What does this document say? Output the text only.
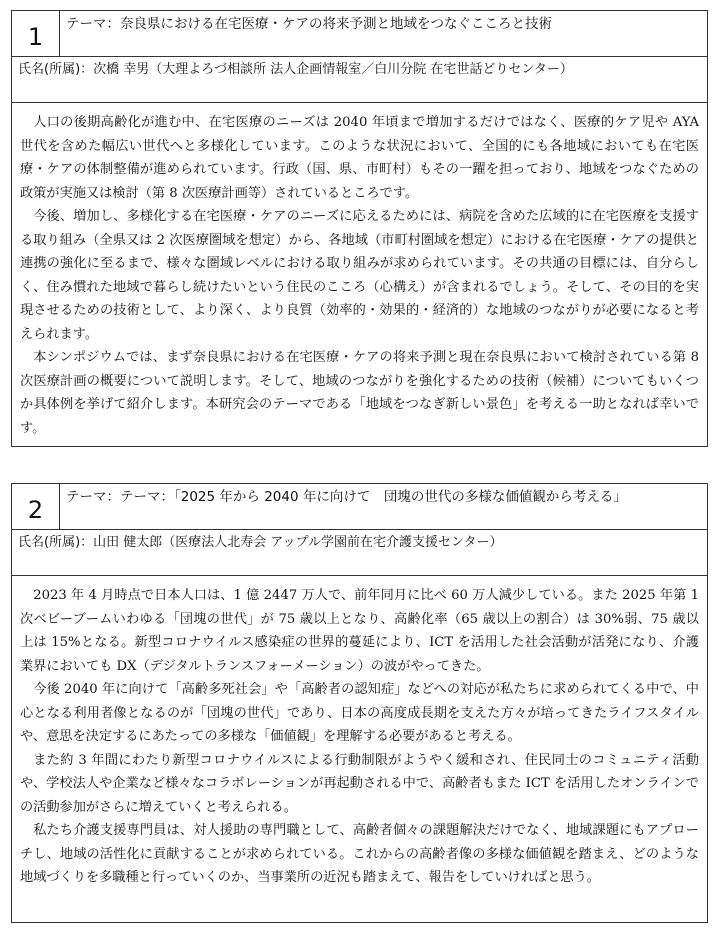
1	テーマ：奈良県における在宅医療・ケアの将来予測と地域をつなぐこころと技術
氏名(所属)：次橋 幸男（大理よろづ相談所 法人企画情報室／白川分院 在宅世話どりセンター）

人口の後期高齢化が進む中、在宅医療のニーズは 2040 年頃まで増加するだけではなく、医療的ケア児や AYA 世代を含めた幅広い世代へと多様化しています。このような状況において、全国的にも各地域においても在宅医療・ケアの体制整備が進められています。行政（国、県、市町村）もその一躍を担っており、地域をつなぐための政策が実施又は検討（第 8 次医療計画等）されているところです。

今後、増加し、多様化する在宅医療・ケアのニーズに応えるためには、病院を含めた広域的に在宅医療を支援する取り組み（全県又は 2 次医療圏域を想定）から、各地域（市町村圏域を想定）における在宅医療・ケアの提供と連携の強化に至るまで、様々な圏域レベルにおける取り組みが求められています。その共通の目標には、自分らしく、住み慣れた地域で暮らし続けたいという住民のこころ（心構え）が含まれるでしょう。そして、その目的を実現させるための技術として、より深く、より良質（効率的・効果的・経済的）な地域のつながりが必要になると考えられます。

本シンポジウムでは、まず奈良県における在宅医療・ケアの将来予測と現在奈良県において検討されている第 8 次医療計画の概要について説明します。そして、地域のつながりを強化するための技術（候補）についてもいくつか具体例を挙げて紹介します。本研究会のテーマである「地域をつなぎ新しい景色」を考える一助となれば幸いです。

2	テーマ：テーマ：「2025 年から 2040 年に向けて　団塊の世代の多様な価値観から考える」
氏名(所属)：山田 健太郎（医療法人北寿会 アップル学園前在宅介護支援センター）

2023 年 4 月時点で日本人口は、1 億 2447 万人で、前年同月に比べ 60 万人減少している。また 2025 年第 1 次ベビーブームいわゆる「団塊の世代」が 75 歳以上となり、高齢化率（65 歳以上の割合）は 30%弱、75 歳以上は 15%となる。新型コロナウイルス感染症の世界的蔓延により、ICT を活用した社会活動が活発になり、介護業界においても DX（デジタルトランスフォーメーション）の波がやってきた。

今後 2040 年に向けて「高齢多死社会」や「高齢者の認知症」などへの対応が私たちに求められてくる中で、中心となる利用者像となるのが「団塊の世代」であり、日本の高度成長期を支えた方々が培ってきたライフスタイルや、意思を決定するにあたっての多様な「価値観」を理解する必要があると考える。

また約 3 年間にわたり新型コロナウイルスによる行動制限がようやく緩和され、住民同士のコミュニティ活動や、学校法人や企業など様々なコラボレーションが再起動される中で、高齢者もまた ICT を活用したオンラインでの活動参加がさらに増えていくと考えられる。

私たち介護支援専門員は、対人援助の専門職として、高齢者個々の課題解決だけでなく、地域課題にもアプローチし、地域の活性化に貢献することが求められている。これからの高齢者像の多様な価値観を踏まえ、どのような地域づくりを多職種と行っていくのか、当事業所の近況も踏まえて、報告をしていければと思う。
